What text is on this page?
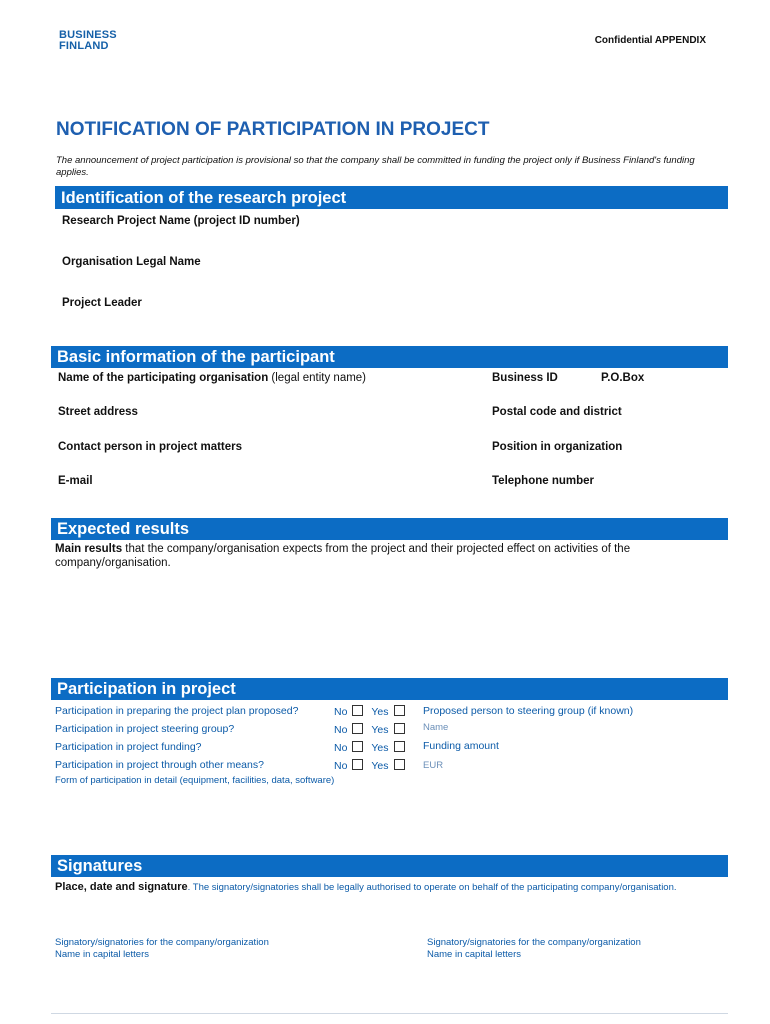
BUSINESS
FINLAND	Confidential APPENDIX
NOTIFICATION OF PARTICIPATION IN PROJECT
The announcement of project participation is provisional so that the company shall be committed in funding the project only if Business Finland's funding applies.
Identification of the research project
Research Project Name (project ID number)
Organisation Legal Name
Project Leader
Basic information of the participant
Name of the participating organisation (legal entity name)	Business ID	P.O.Box
Street address	Postal code and district
Contact person in project matters	Position in organization
E-mail	Telephone number
Expected results
Main results that the company/organisation expects from the project and their projected effect on activities of the company/organisation.
Participation in project
Participation in preparing the project plan proposed?	No Yes	Proposed person to steering group (if known)
Participation in project steering group?	No Yes	Name
Participation in project funding?	No Yes	Funding amount
Participation in project through other means?	No Yes	EUR
Form of participation in detail (equipment, facilities, data, software)
Signatures
Place, date and signature. The signatory/signatories shall be legally authorised to operate on behalf of the participating company/organisation.
Signatory/signatories for the company/organization
Name in capital letters
Signatory/signatories for the company/organization
Name in capital letters
